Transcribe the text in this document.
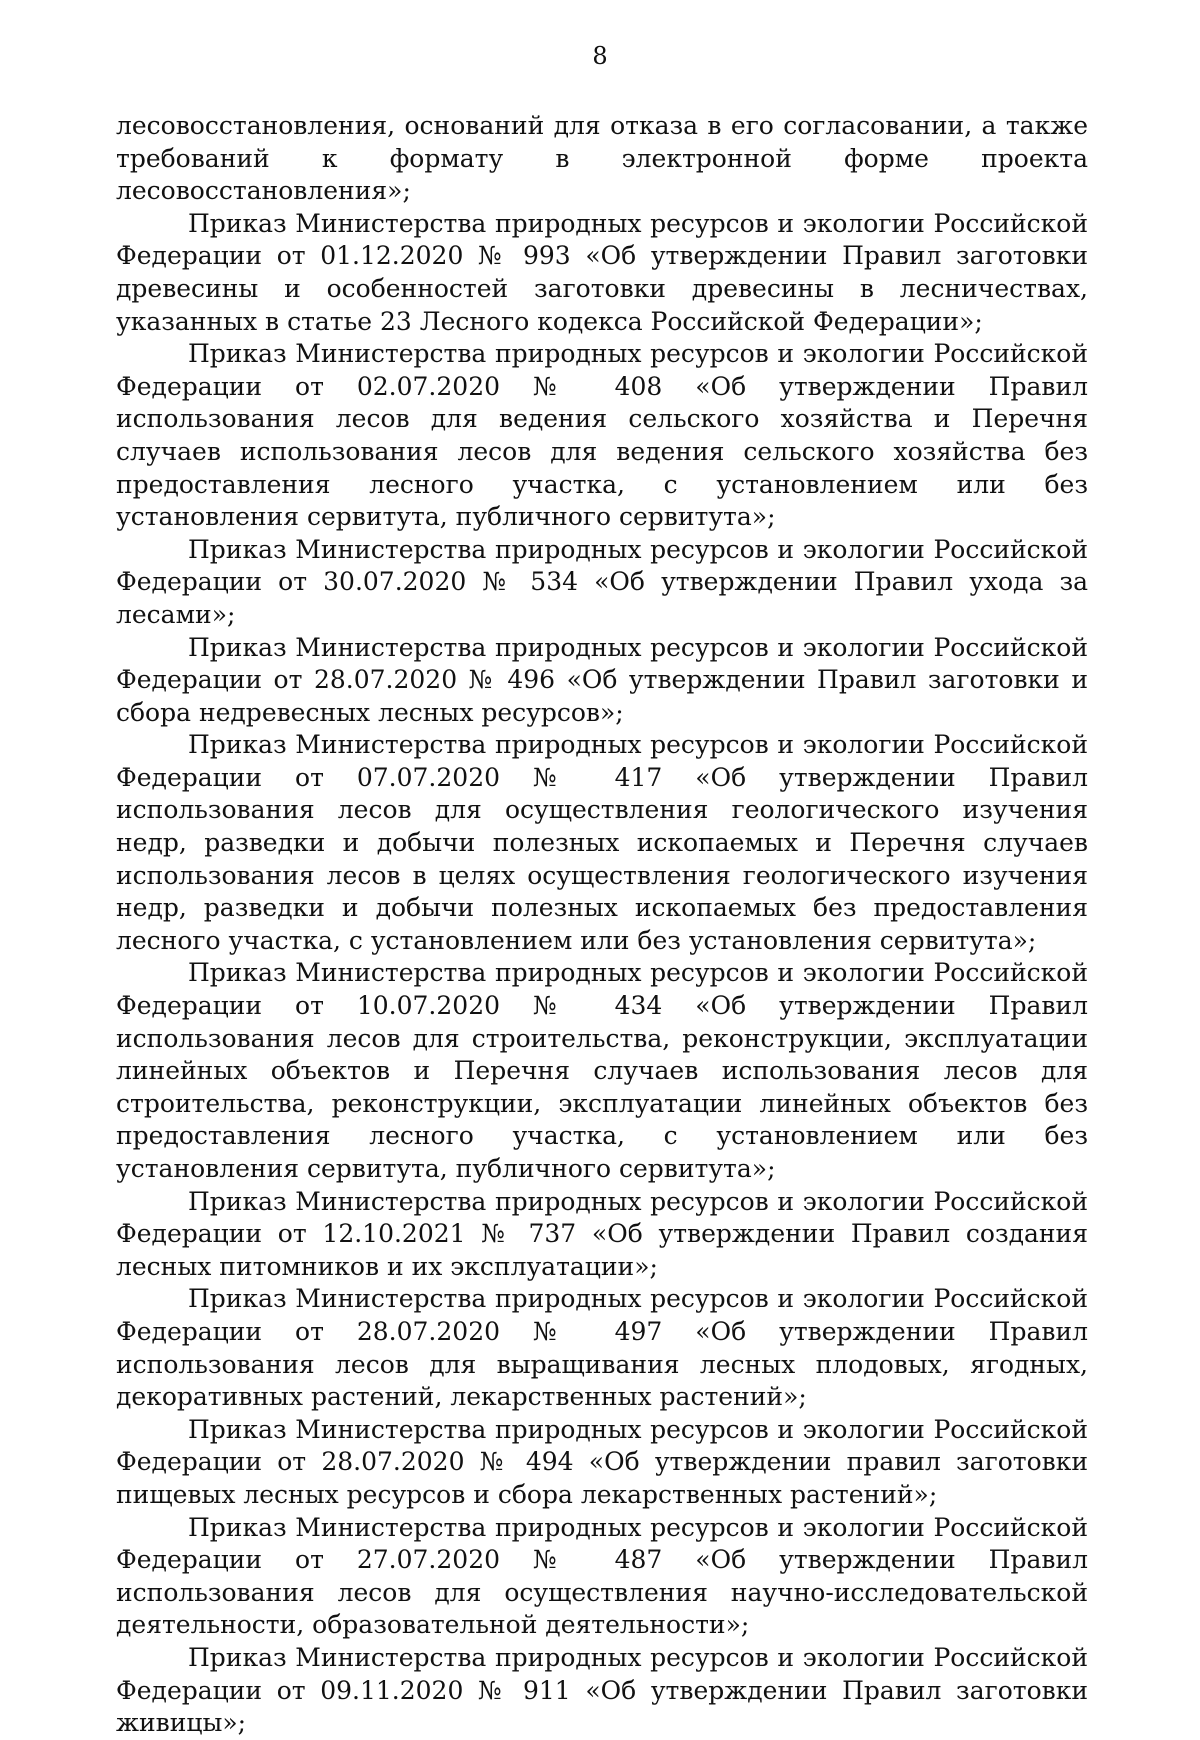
8

лесовосстановления, оснований для отказа в его согласовании, а также требований к формату в электронной форме проекта лесовосстановления»;

Приказ Министерства природных ресурсов и экологии Российской Федерации от 01.12.2020 № 993 «Об утверждении Правил заготовки древесины и особенностей заготовки древесины в лесничествах, указанных в статье 23 Лесного кодекса Российской Федерации»;

Приказ Министерства природных ресурсов и экологии Российской Федерации от 02.07.2020 № 408 «Об утверждении Правил использования лесов для ведения сельского хозяйства и Перечня случаев использования лесов для ведения сельского хозяйства без предоставления лесного участка, с установлением или без установления сервитута, публичного сервитута»;

Приказ Министерства природных ресурсов и экологии Российской Федерации от 30.07.2020 № 534 «Об утверждении Правил ухода за лесами»;

Приказ Министерства природных ресурсов и экологии Российской Федерации от 28.07.2020 № 496 «Об утверждении Правил заготовки и сбора недревесных лесных ресурсов»;

Приказ Министерства природных ресурсов и экологии Российской Федерации от 07.07.2020 № 417 «Об утверждении Правил использования лесов для осуществления геологического изучения недр, разведки и добычи полезных ископаемых и Перечня случаев использования лесов в целях осуществления геологического изучения недр, разведки и добычи полезных ископаемых без предоставления лесного участка, с установлением или без установления сервитута»;

Приказ Министерства природных ресурсов и экологии Российской Федерации от 10.07.2020 № 434 «Об утверждении Правил использования лесов для строительства, реконструкции, эксплуатации линейных объектов и Перечня случаев использования лесов для строительства, реконструкции, эксплуатации линейных объектов без предоставления лесного участка, с установлением или без установления сервитута, публичного сервитута»;

Приказ Министерства природных ресурсов и экологии Российской Федерации от 12.10.2021 № 737 «Об утверждении Правил создания лесных питомников и их эксплуатации»;

Приказ Министерства природных ресурсов и экологии Российской Федерации от 28.07.2020 № 497 «Об утверждении Правил использования лесов для выращивания лесных плодовых, ягодных, декоративных растений, лекарственных растений»;

Приказ Министерства природных ресурсов и экологии Российской Федерации от 28.07.2020 № 494 «Об утверждении правил заготовки пищевых лесных ресурсов и сбора лекарственных растений»;

Приказ Министерства природных ресурсов и экологии Российской Федерации от 27.07.2020 № 487 «Об утверждении Правил использования лесов для осуществления научно-исследовательской деятельности, образовательной деятельности»;

Приказ Министерства природных ресурсов и экологии Российской Федерации от 09.11.2020 № 911 «Об утверждении Правил заготовки живицы»;
